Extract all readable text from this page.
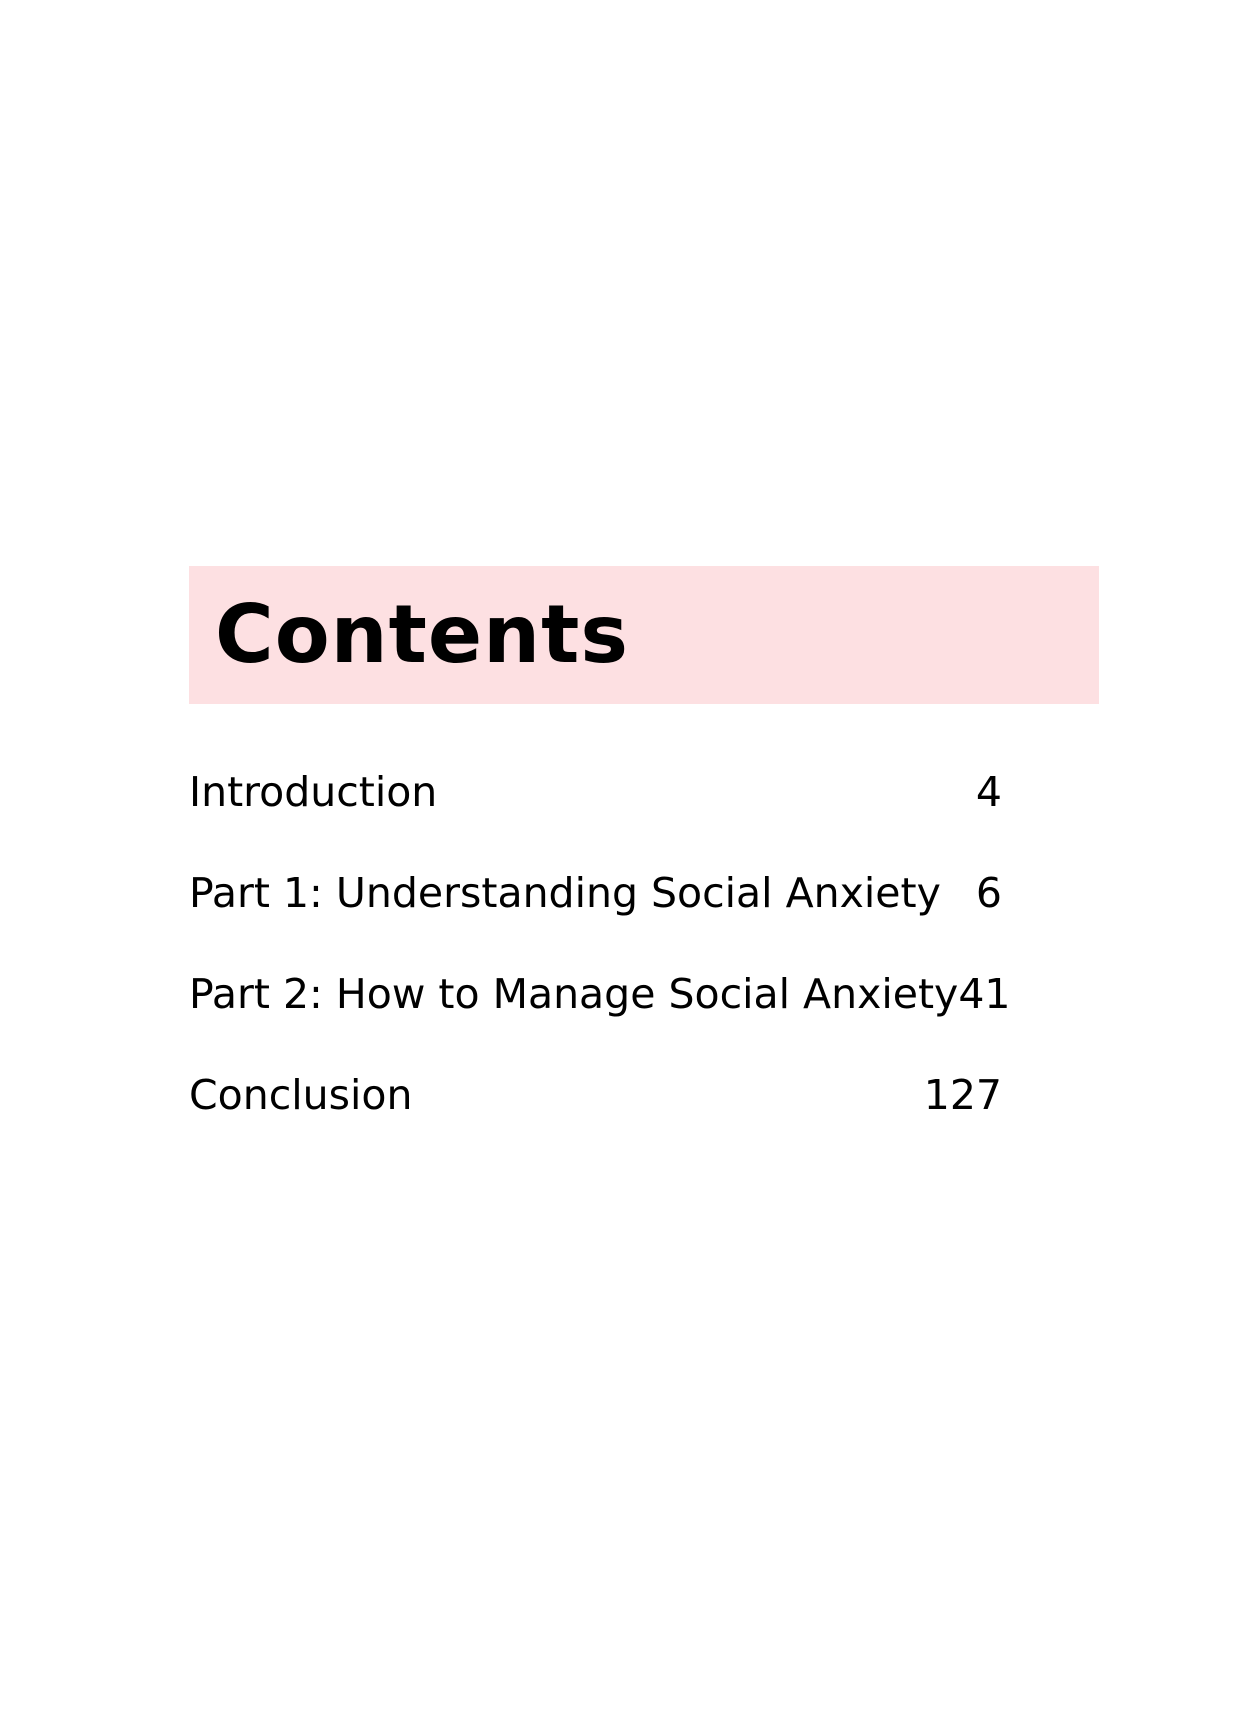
Contents
Introduction	4
Part 1: Understanding Social Anxiety 6
Part 2: How to Manage Social Anxiety 41
Conclusion	127
